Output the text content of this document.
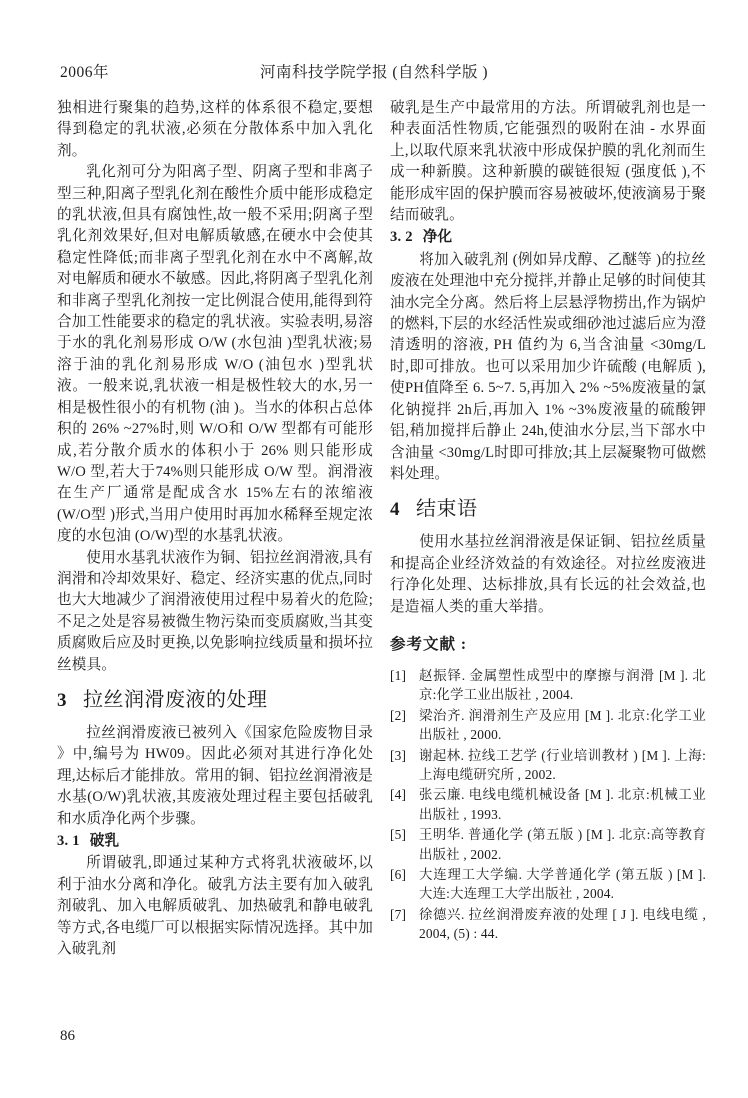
2006年	河南科技学院学报 (自然科学版 )

独相进行聚集的趋势,这样的体系很不稳定,要想得到稳定的乳状液,必须在分散体系中加入乳化剂。

乳化剂可分为阳离子型、阴离子型和非离子型三种,阳离子型乳化剂在酸性介质中能形成稳定的乳状液,但具有腐蚀性,故一般不采用;阴离子型乳化剂效果好,但对电解质敏感,在硬水中会使其稳定性降低;而非离子型乳化剂在水中不离解,故对电解质和硬水不敏感。因此,将阴离子型乳化剂和非离子型乳化剂按一定比例混合使用,能得到符合加工性能要求的稳定的乳状液。实验表明,易溶于水的乳化剂易形成 O/W (水包油 )型乳状液;易溶于油的乳化剂易形成 W/O (油包水 )型乳状液。一般来说,乳状液一相是极性较大的水,另一相是极性很小的有机物 (油 )。当水的体积占总体积的 26% ~27%时,则 W/O和 O/W 型都有可能形成,若分散介质水的体积小于 26% 则只能形成 W/O 型,若大于74%则只能形成 O/W 型。润滑液在生产厂通常是配成含水 15%左右的浓缩液 (W/O型 )形式,当用户使用时再加水稀释至规定浓度的水包油 (O/W)型的水基乳状液。

使用水基乳状液作为铜、铝拉丝润滑液,具有润滑和冷却效果好、稳定、经济实惠的优点,同时也大大地减少了润滑液使用过程中易着火的危险;不足之处是容易被微生物污染而变质腐败,当其变质腐败后应及时更换,以免影响拉线质量和损坏拉丝模具。

3 拉丝润滑废液的处理

拉丝润滑废液已被列入《国家危险废物目录 》中,编号为 HW09。因此必须对其进行净化处理,达标后才能排放。常用的铜、铝拉丝润滑液是水基(O/W)乳状液,其废液处理过程主要包括破乳和水质净化两个步骤。

3. 1 破乳

所谓破乳,即通过某种方式将乳状液破坏,以利于油水分离和净化。破乳方法主要有加入破乳剂破乳、加入电解质破乳、加热破乳和静电破乳等方式,各电缆厂可以根据实际情况选择。其中加入破乳剂

破乳是生产中最常用的方法。所谓破乳剂也是一种表面活性物质,它能强烈的吸附在油 - 水界面上,以取代原来乳状液中形成保护膜的乳化剂而生成一种新膜。这种新膜的碳链很短 (强度低 ),不能形成牢固的保护膜而容易被破坏,使液滴易于聚结而破乳。

3. 2 净化

将加入破乳剂 (例如异戊醇、乙醚等 )的拉丝废液在处理池中充分搅拌,并静止足够的时间使其油水完全分离。然后将上层悬浮物捞出,作为锅炉的燃料,下层的水经活性炭或细砂池过滤后应为澄清透明的溶液, PH 值约为 6,当含油量 <30mg/L时,即可排放。也可以采用加少许硫酸 (电解质 ),使PH值降至 6. 5~7. 5,再加入 2% ~5%废液量的氯化钠搅拌 2h后,再加入 1% ~3%废液量的硫酸钾铝,稍加搅拌后静止 24h,使油水分层,当下部水中含油量 <30mg/L时即可排放;其上层凝聚物可做燃料处理。

4 结束语

使用水基拉丝润滑液是保证铜、铝拉丝质量和提高企业经济效益的有效途径。对拉丝废液进行净化处理、达标排放,具有长远的社会效益,也是造福人类的重大举措。

参考文献 :
[1] 赵振铎. 金属塑性成型中的摩擦与润滑 [M ]. 北京:化学工业出版社 , 2004.
[2] 梁治齐. 润滑剂生产及应用 [M ]. 北京:化学工业出版社 , 2000.
[3] 谢起林. 拉线工艺学 (行业培训教材 ) [M ]. 上海:上海电缆研究所 , 2002.
[4] 张云廉. 电线电缆机械设备 [M ]. 北京:机械工业出版社 , 1993.
[5] 王明华. 普通化学 (第五版 ) [M ]. 北京:高等教育出版社 , 2002.
[6] 大连理工大学编. 大学普通化学 (第五版 ) [M ]. 大连:大连理工大学出版社 , 2004.
[7] 徐德兴. 拉丝润滑废弃液的处理 [ J ]. 电线电缆 , 2004, (5) : 44.
86
